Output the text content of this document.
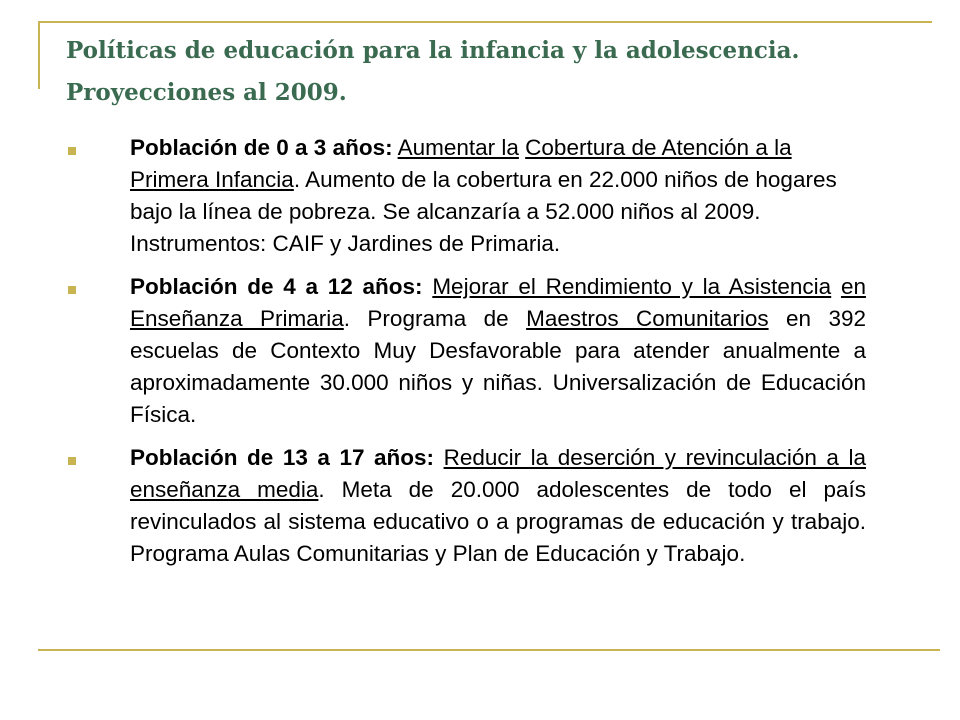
Políticas de educación para la infancia y la adolescencia.
Proyecciones al 2009.
Población de 0 a 3 años: Aumentar la Cobertura de Atención a la Primera Infancia. Aumento de la cobertura en 22.000 niños de hogares bajo la línea de pobreza. Se alcanzaría a 52.000 niños al 2009. Instrumentos: CAIF y Jardines de Primaria.
Población de 4 a 12 años: Mejorar el Rendimiento y la Asistencia en Enseñanza Primaria. Programa de Maestros Comunitarios en 392 escuelas de Contexto Muy Desfavorable para atender anualmente a aproximadamente 30.000 niños y niñas. Universalización de Educación Física.
Población de 13 a 17 años: Reducir la deserción y revinculación a la enseñanza media. Meta de 20.000 adolescentes de todo el país revinculados al sistema educativo o a programas de educación y trabajo. Programa Aulas Comunitarias y Plan de Educación y Trabajo.
